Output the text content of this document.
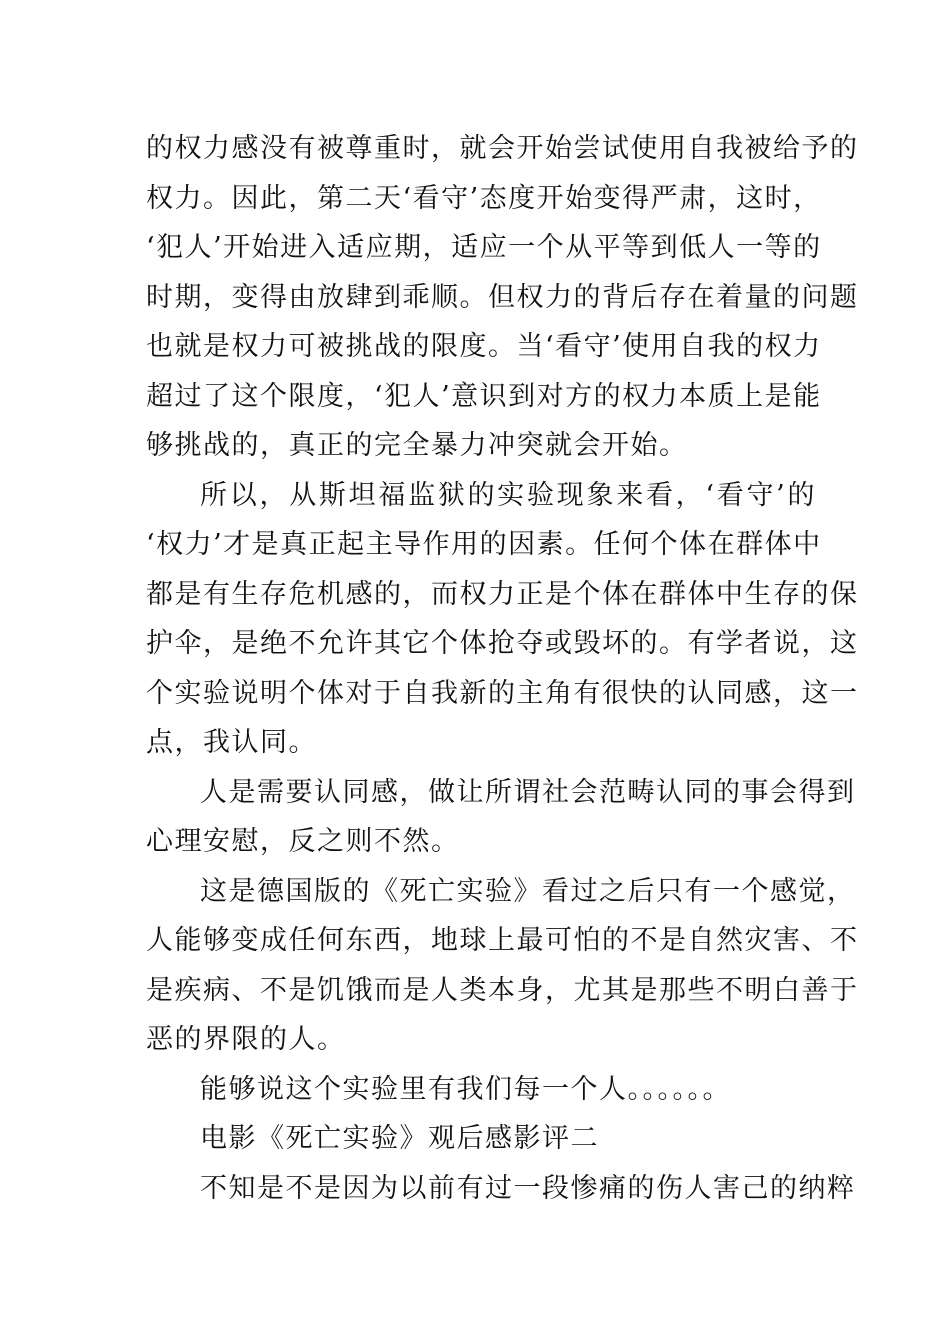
的权力感没有被尊重时，就会开始尝试使用自我被给予的
权力。因此，第二天‘看守’态度开始变得严肃，这时，
‘犯人’开始进入适应期，适应一个从平等到低人一等的
时期，变得由放肆到乖顺。但权力的背后存在着量的问题
也就是权力可被挑战的限度。当‘看守’使用自我的权力
超过了这个限度，‘犯人’意识到对方的权力本质上是能
够挑战的，真正的完全暴力冲突就会开始。
所以，从斯坦福监狱的实验现象来看，‘看守’的
‘权力’才是真正起主导作用的因素。任何个体在群体中
都是有生存危机感的，而权力正是个体在群体中生存的保
护伞，是绝不允许其它个体抢夺或毁坏的。有学者说，这
个实验说明个体对于自我新的主角有很快的认同感，这一
点，我认同。
人是需要认同感，做让所谓社会范畴认同的事会得到
心理安慰，反之则不然。
这是德国版的《死亡实验》看过之后只有一个感觉，
人能够变成任何东西，地球上最可怕的不是自然灾害、不
是疾病、不是饥饿而是人类本身，尤其是那些不明白善于
恶的界限的人。
能够说这个实验里有我们每一个人。。。。。。
电影《死亡实验》观后感影评二
不知是不是因为以前有过一段惨痛的伤人害己的纳粹
